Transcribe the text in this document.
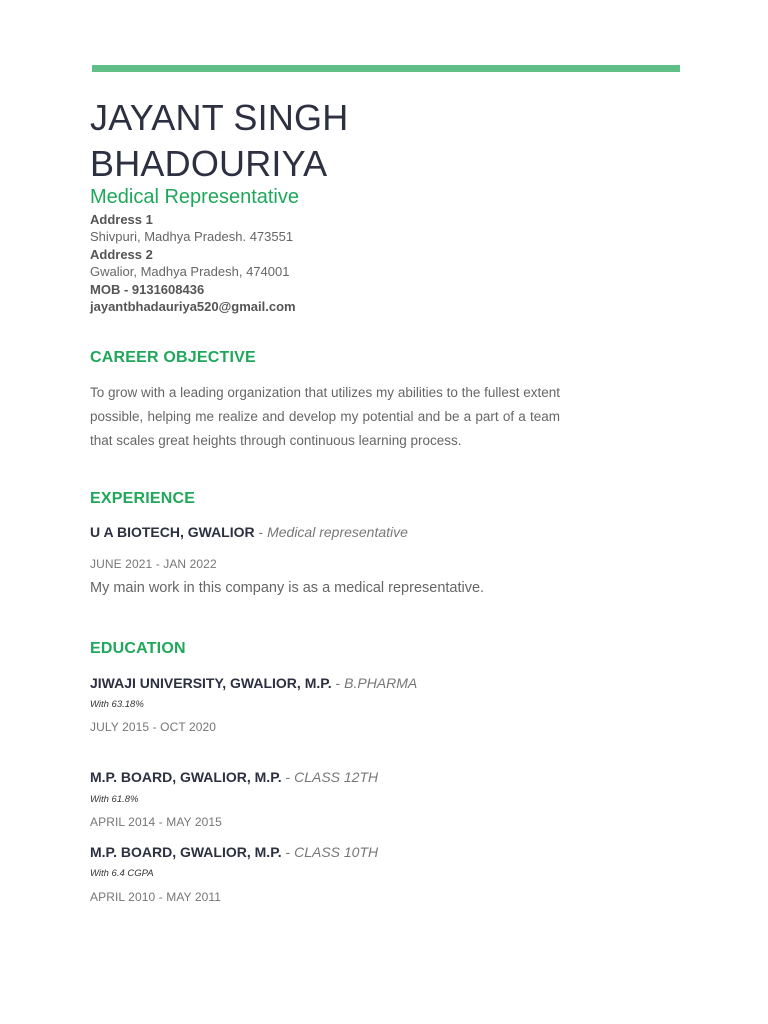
JAYANT SINGH
BHADOURIYA
Medical Representative
Address 1
Shivpuri, Madhya Pradesh. 473551
Address 2
Gwalior, Madhya Pradesh, 474001
MOB - 9131608436
jayantbhadauriya520@gmail.com
CAREER OBJECTIVE
To grow with a leading organization that utilizes my abilities to the fullest extent possible, helping me realize and develop my potential and be a part of a team that scales great heights through continuous learning process.
EXPERIENCE
U A BIOTECH, GWALIOR - Medical representative
JUNE 2021 - JAN 2022
My main work in this company is as a medical representative.
EDUCATION
JIWAJI UNIVERSITY, GWALIOR, M.P. - B.PHARMA
With 63.18%
JULY 2015 - OCT 2020
M.P. BOARD, GWALIOR, M.P. - CLASS 12TH
With 61.8%
APRIL 2014 - MAY 2015
M.P. BOARD, GWALIOR, M.P. - CLASS 10TH
With 6.4 CGPA
APRIL 2010 - MAY 2011
